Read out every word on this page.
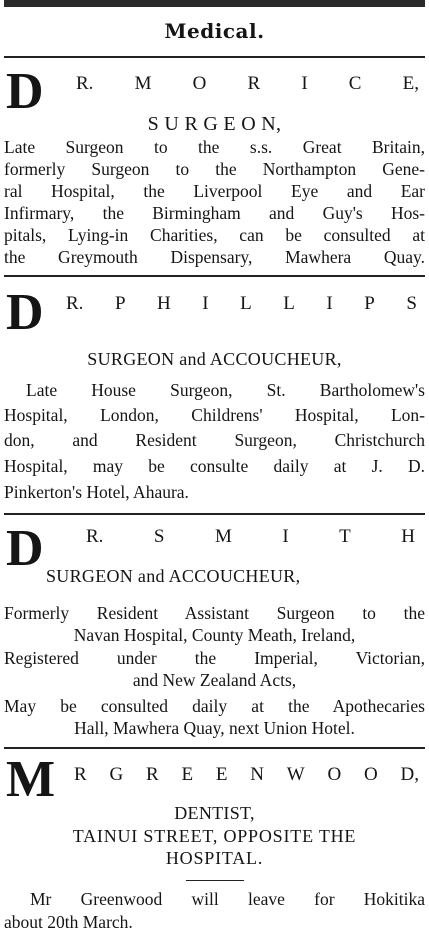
Medical.
D R. M O R I C E,
S U R G E O N,
Late Surgeon to the s.s. Great Britain,
formerly Surgeon to the Northampton Gene-
ral Hospital, the Liverpool Eye and Ear
Infirmary, the Birmingham and Guy's Hos-
pitals, Lying-in Charities, can be consulted at
the Greymouth Dispensary, Mawhera Quay.
D R. P H I L L I P S
SURGEON and ACCOUCHEUR,
Late House Surgeon, St. Bartholomew's
Hospital, London, Childrens' Hospital, Lon-
don, and Resident Surgeon, Christchurch
Hospital, may be consulte daily at J. D.
Pinkerton's Hotel, Ahaura.
D R.	S	M	I	T	H
SURGEON and ACCOUCHEUR,
Formerly Resident Assistant Surgeon to the
Navan Hospital, County Meath, Ireland,
Registered under the Imperial, Victorian,
and New Zealand Acts,
May be consulted daily at the Apothecaries
Hall, Mawhera Quay, next Union Hotel.
M R G R E E N W O O D,
DENTIST,
TAINUI STREET, OPPOSITE THE
HOSPITAL.
Mr Greenwood will leave for Hokitika
about 20th March.
